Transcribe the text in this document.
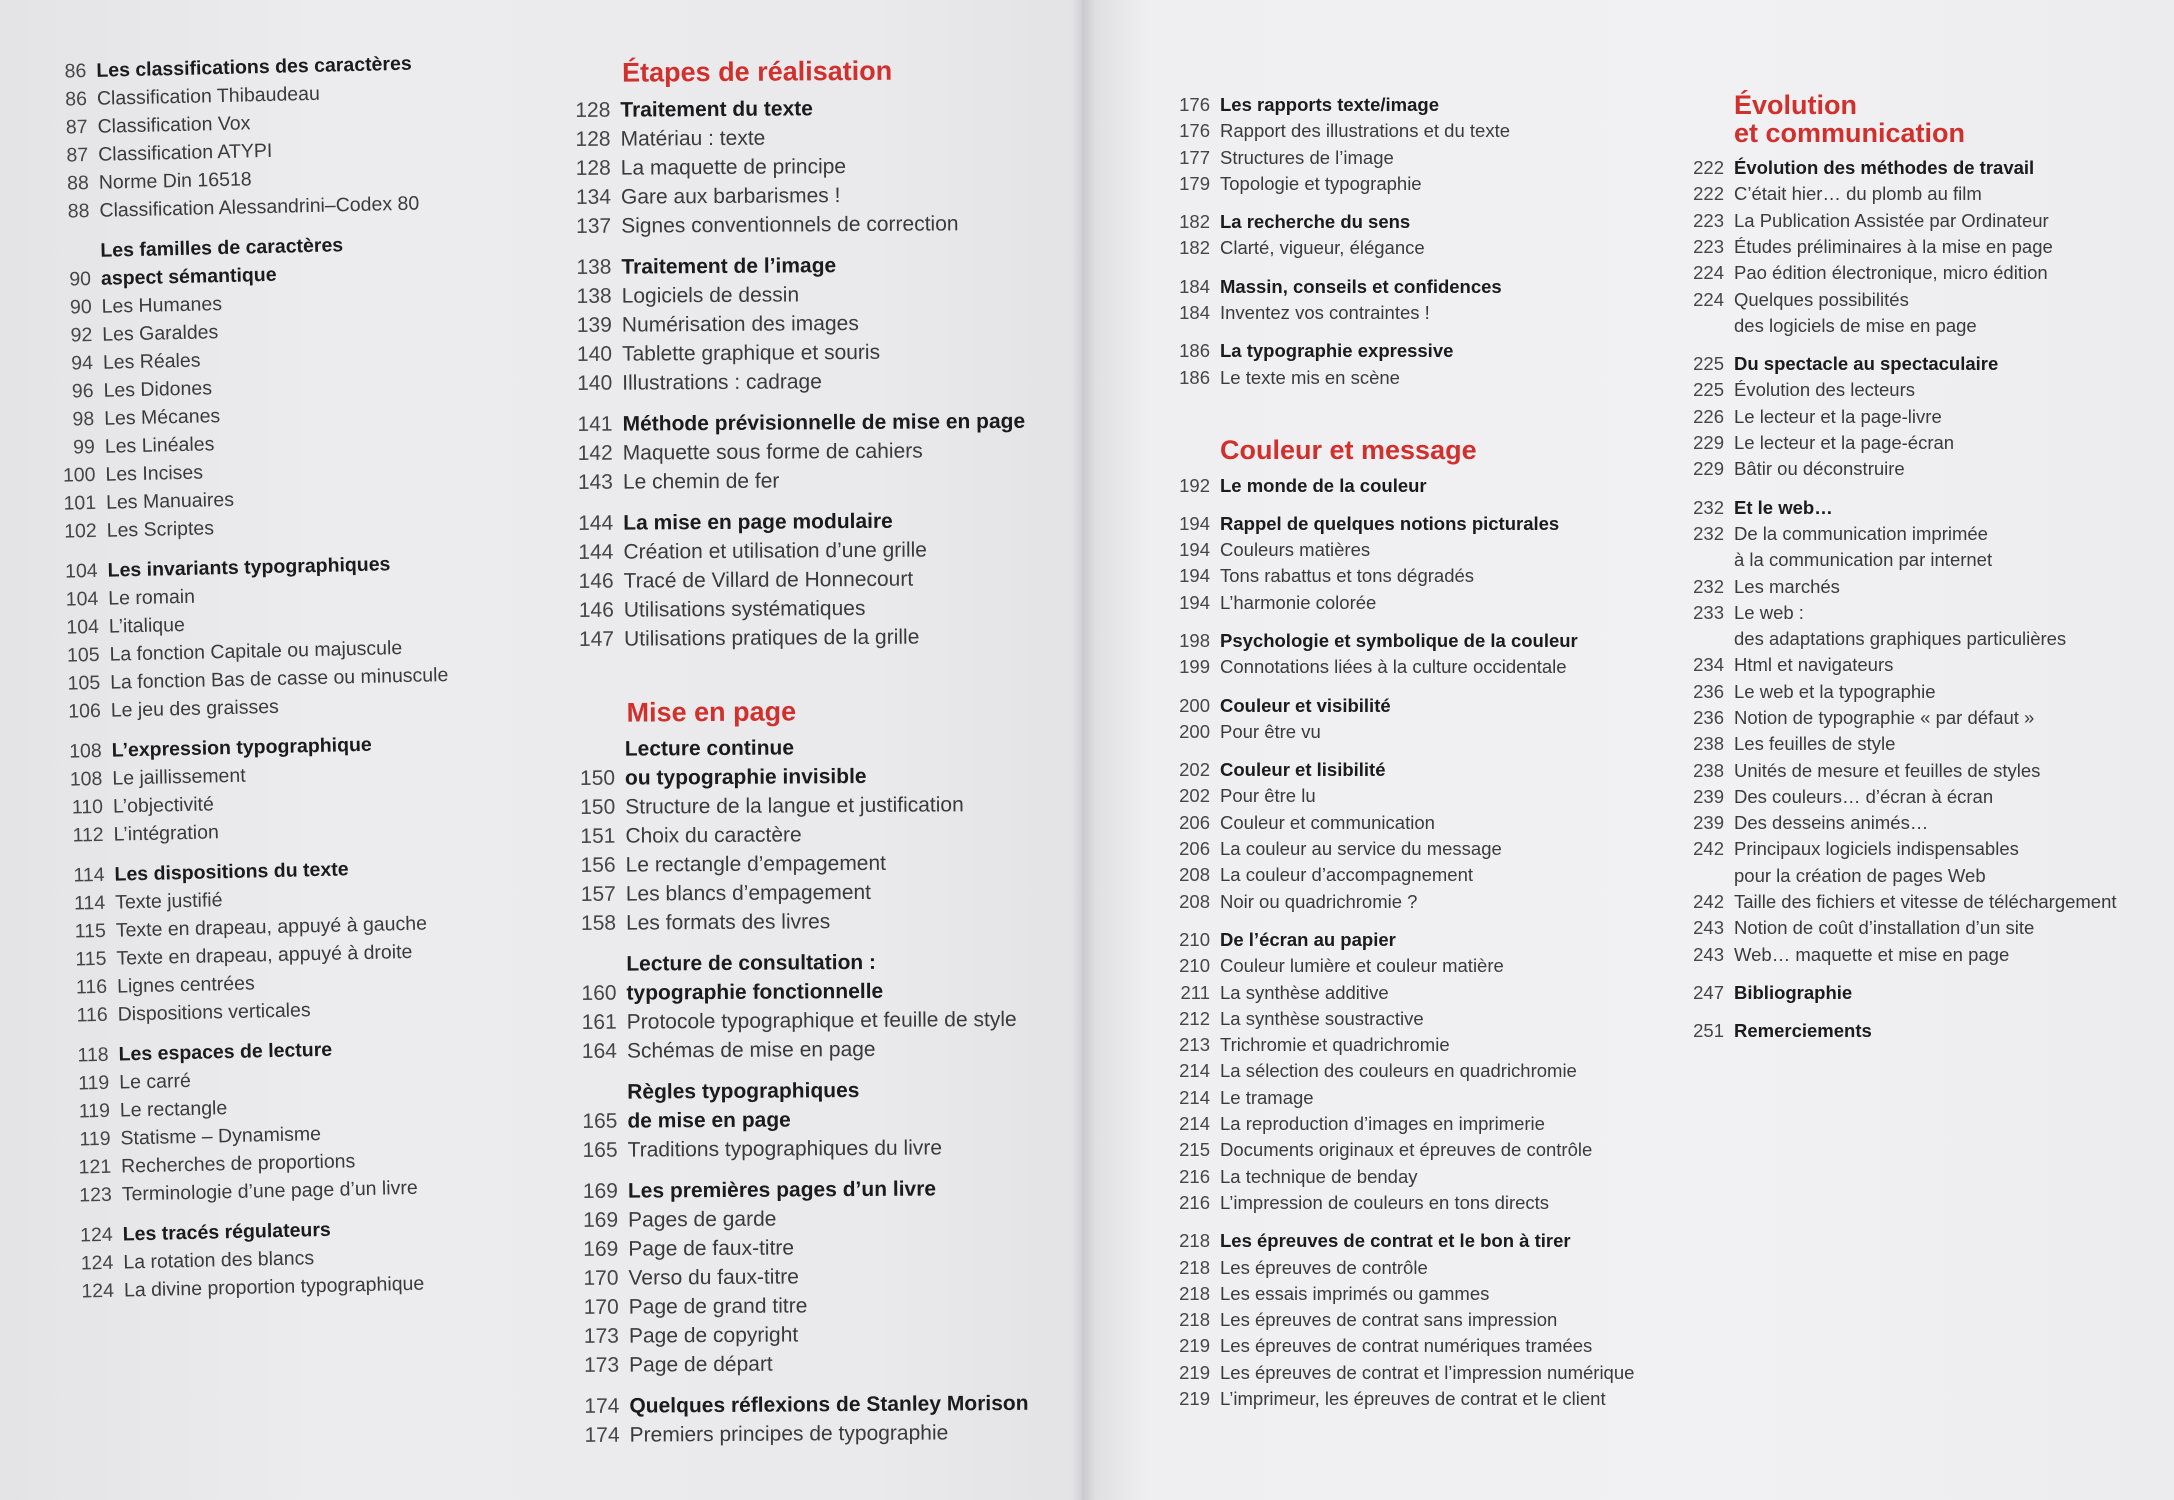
86 Les classifications des caractères
86 Classification Thibaudeau
87 Classification Vox
87 Classification ATYPI
88 Norme Din 16518
88 Classification Alessandrini–Codex 80
Les familles de caractères
90 aspect sémantique
90 Les Humanes
92 Les Garaldes
94 Les Réales
96 Les Didones
98 Les Mécanes
99 Les Linéales
100 Les Incises
101 Les Manuaires
102 Les Scriptes
104 Les invariants typographiques
104 Le romain
104 L’italique
105 La fonction Capitale ou majuscule
105 La fonction Bas de casse ou minuscule
106 Le jeu des graisses
108 L’expression typographique
108 Le jaillissement
110 L’objectivité
112 L’intégration
114 Les dispositions du texte
114 Texte justifié
115 Texte en drapeau, appuyé à gauche
115 Texte en drapeau, appuyé à droite
116 Lignes centrées
116 Dispositions verticales
118 Les espaces de lecture
119 Le carré
119 Le rectangle
119 Statisme – Dynamisme
121 Recherches de proportions
123 Terminologie d’une page d’un livre
124 Les tracés régulateurs
124 La rotation des blancs
124 La divine proportion typographique
Étapes de réalisation
128 Traitement du texte
128 Matériau : texte
128 La maquette de principe
134 Gare aux barbarismes !
137 Signes conventionnels de correction
138 Traitement de l’image
138 Logiciels de dessin
139 Numérisation des images
140 Tablette graphique et souris
140 Illustrations : cadrage
141 Méthode prévisionnelle de mise en page
142 Maquette sous forme de cahiers
143 Le chemin de fer
144 La mise en page modulaire
144 Création et utilisation d’une grille
146 Tracé de Villard de Honnecourt
146 Utilisations systématiques
147 Utilisations pratiques de la grille
Mise en page
Lecture continue
150 ou typographie invisible
150 Structure de la langue et justification
151 Choix du caractère
156 Le rectangle d’empagement
157 Les blancs d’empagement
158 Les formats des livres
Lecture de consultation :
160 typographie fonctionnelle
161 Protocole typographique et feuille de style
164 Schémas de mise en page
Règles typographiques
165 de mise en page
165 Traditions typographiques du livre
169 Les premières pages d’un livre
169 Pages de garde
169 Page de faux-titre
170 Verso du faux-titre
170 Page de grand titre
173 Page de copyright
173 Page de départ
174 Quelques réflexions de Stanley Morison
174 Premiers principes de typographie
176 Les rapports texte/image
176 Rapport des illustrations et du texte
177 Structures de l’image
179 Topologie et typographie
182 La recherche du sens
182 Clarté, vigueur, élégance
184 Massin, conseils et confidences
184 Inventez vos contraintes !
186 La typographie expressive
186 Le texte mis en scène
Couleur et message
192 Le monde de la couleur
194 Rappel de quelques notions picturales
194 Couleurs matières
194 Tons rabattus et tons dégradés
194 L’harmonie colorée
198 Psychologie et symbolique de la couleur
199 Connotations liées à la culture occidentale
200 Couleur et visibilité
200 Pour être vu
202 Couleur et lisibilité
202 Pour être lu
206 Couleur et communication
206 La couleur au service du message
208 La couleur d’accompagnement
208 Noir ou quadrichromie ?
210 De l’écran au papier
210 Couleur lumière et couleur matière
211 La synthèse additive
212 La synthèse soustractive
213 Trichromie et quadrichromie
214 La sélection des couleurs en quadrichromie
214 Le tramage
214 La reproduction d’images en imprimerie
215 Documents originaux et épreuves de contrôle
216 La technique de benday
216 L’impression de couleurs en tons directs
218 Les épreuves de contrat et le bon à tirer
218 Les épreuves de contrôle
218 Les essais imprimés ou gammes
218 Les épreuves de contrat sans impression
219 Les épreuves de contrat numériques tramées
219 Les épreuves de contrat et l’impression numérique
219 L’imprimeur, les épreuves de contrat et le client
Évolution
et communication
222 Évolution des méthodes de travail
222 C’était hier… du plomb au film
223 La Publication Assistée par Ordinateur
223 Études préliminaires à la mise en page
224 Pao édition électronique, micro édition
224 Quelques possibilités
des logiciels de mise en page
225 Du spectacle au spectaculaire
225 Évolution des lecteurs
226 Le lecteur et la page-livre
229 Le lecteur et la page-écran
229 Bâtir ou déconstruire
232 Et le web…
232 De la communication imprimée
à la communication par internet
232 Les marchés
233 Le web :
des adaptations graphiques particulières
234 Html et navigateurs
236 Le web et la typographie
236 Notion de typographie « par défaut »
238 Les feuilles de style
238 Unités de mesure et feuilles de styles
239 Des couleurs… d’écran à écran
239 Des desseins animés…
242 Principaux logiciels indispensables
pour la création de pages Web
242 Taille des fichiers et vitesse de téléchargement
243 Notion de coût d’installation d’un site
243 Web… maquette et mise en page
247 Bibliographie
251 Remerciements
